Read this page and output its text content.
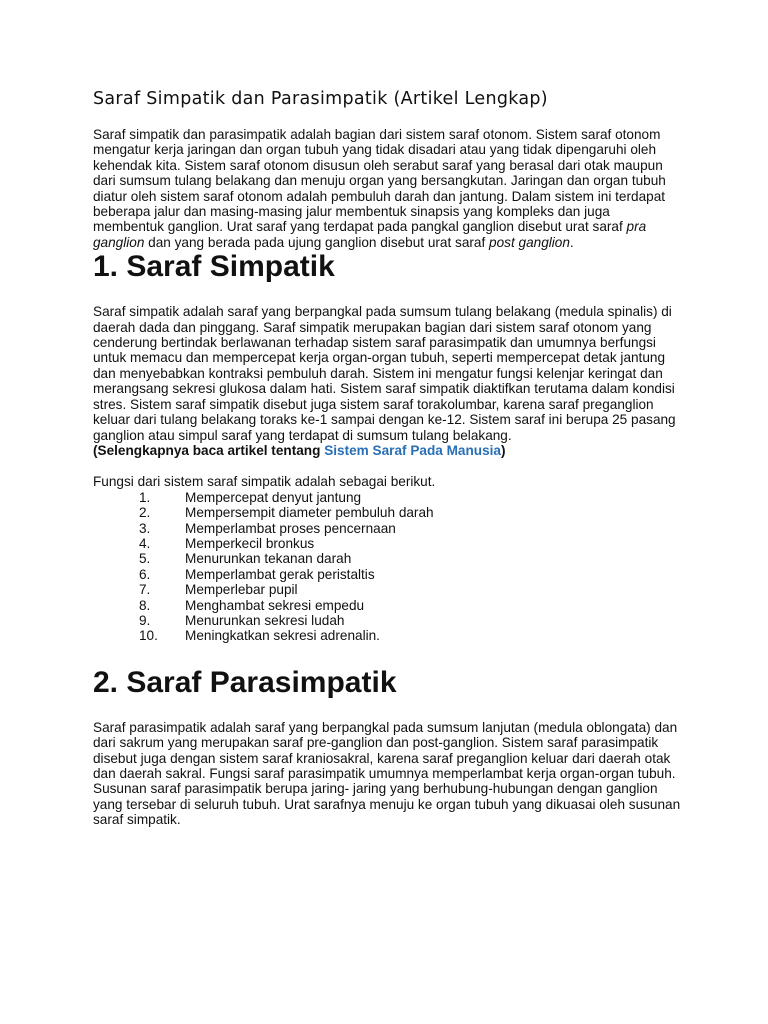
Saraf Simpatik dan Parasimpatik (Artikel Lengkap)

Saraf simpatik dan parasimpatik adalah bagian dari sistem saraf otonom. Sistem saraf otonom mengatur kerja jaringan dan organ tubuh yang tidak disadari atau yang tidak dipengaruhi oleh kehendak kita. Sistem saraf otonom disusun oleh serabut saraf yang berasal dari otak maupun dari sumsum tulang belakang dan menuju organ yang bersangkutan. Jaringan dan organ tubuh diatur oleh sistem saraf otonom adalah pembuluh darah dan jantung. Dalam sistem ini terdapat beberapa jalur dan masing-masing jalur membentuk sinapsis yang kompleks dan juga membentuk ganglion. Urat saraf yang terdapat pada pangkal ganglion disebut urat saraf pra ganglion dan yang berada pada ujung ganglion disebut urat saraf post ganglion.

1. Saraf Simpatik

Saraf simpatik adalah saraf yang berpangkal pada sumsum tulang belakang (medula spinalis) di daerah dada dan pinggang. Saraf simpatik merupakan bagian dari sistem saraf otonom yang cenderung bertindak berlawanan terhadap sistem saraf parasimpatik dan umumnya berfungsi untuk memacu dan mempercepat kerja organ-organ tubuh, seperti mempercepat detak jantung dan menyebabkan kontraksi pembuluh darah. Sistem ini mengatur fungsi kelenjar keringat dan merangsang sekresi glukosa dalam hati. Sistem saraf simpatik diaktifkan terutama dalam kondisi stres. Sistem saraf simpatik disebut juga sistem saraf torakolumbar, karena saraf preganglion keluar dari tulang belakang toraks ke-1 sampai dengan ke-12. Sistem saraf ini berupa 25 pasang ganglion atau simpul saraf yang terdapat di sumsum tulang belakang.

(Selengkapnya baca artikel tentang Sistem Saraf Pada Manusia)

Fungsi dari sistem saraf simpatik adalah sebagai berikut.

1.	Mempercepat denyut jantung
2.	Mempersempit diameter pembuluh darah
3.	Memperlambat proses pencernaan
4.	Memperkecil bronkus
5.	Menurunkan tekanan darah
6.	Memperlambat gerak peristaltis
7.	Memperlebar pupil
8.	Menghambat sekresi empedu
9.	Menurunkan sekresi ludah
10. Meningkatkan sekresi adrenalin.
2. Saraf Parasimpatik

Saraf parasimpatik adalah saraf yang berpangkal pada sumsum lanjutan (medula oblongata) dan dari sakrum yang merupakan saraf pre-ganglion dan post-ganglion. Sistem saraf parasimpatik disebut juga dengan sistem saraf kraniosakral, karena saraf preganglion keluar dari daerah otak dan daerah sakral. Fungsi saraf parasimpatik umumnya memperlambat kerja organ-organ tubuh. Susunan saraf parasimpatik berupa jaring- jaring yang berhubung-hubungan dengan ganglion yang tersebar di seluruh tubuh. Urat sarafnya menuju ke organ tubuh yang dikuasai oleh susunan saraf simpatik.
